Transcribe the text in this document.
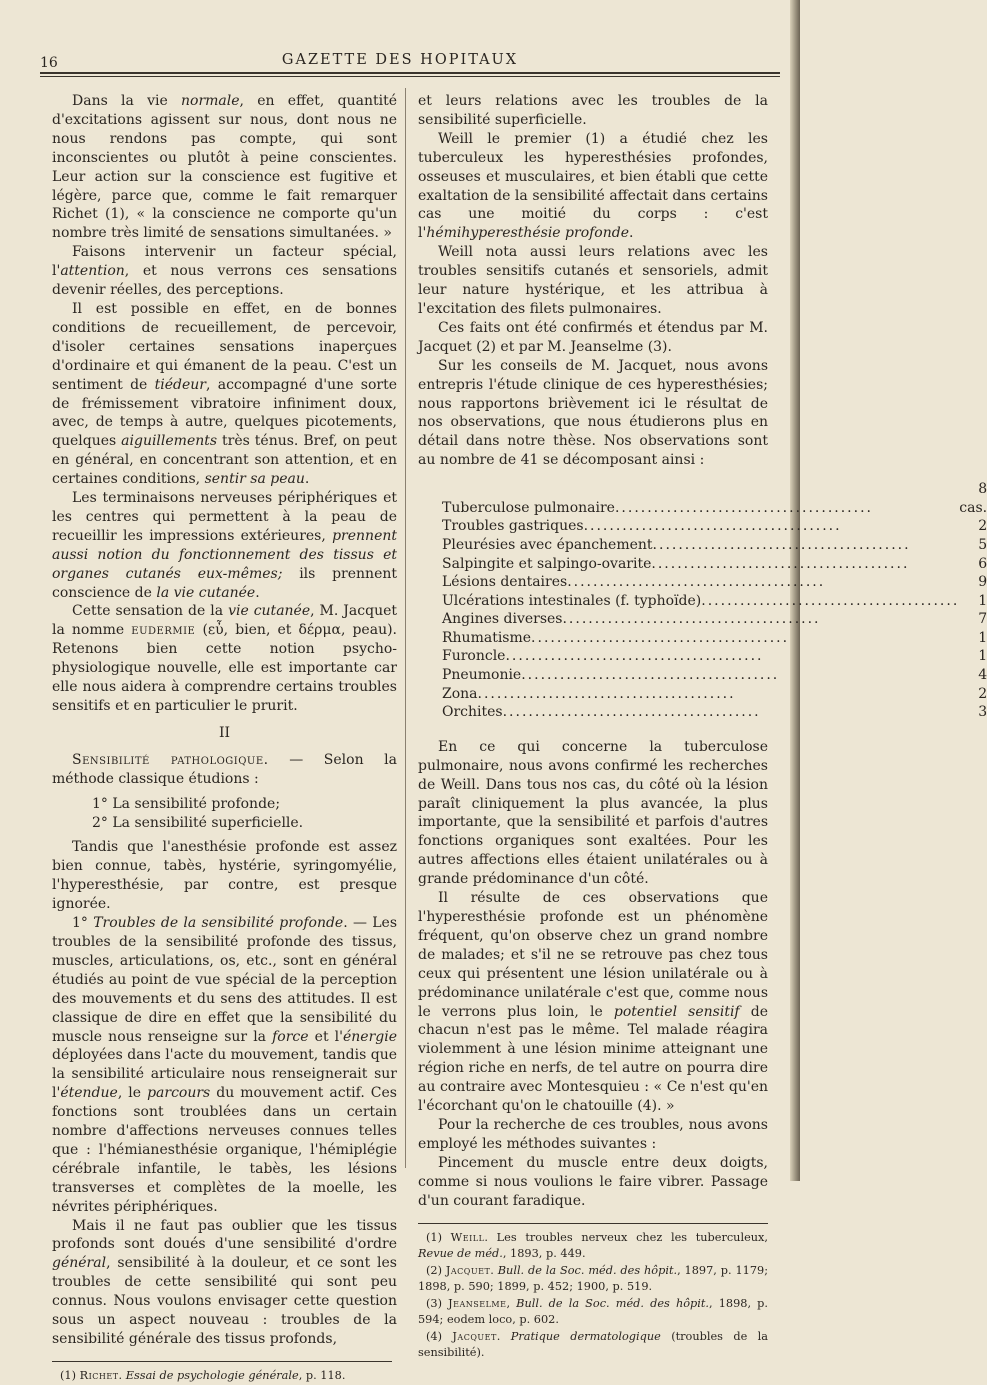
16	GAZETTE DES HOPITAUX

Dans la vie normale, en effet, quantité d'excitations agissent sur nous, dont nous ne nous rendons pas compte, qui sont inconscientes ou plutôt à peine conscientes. Leur action sur la conscience est fugitive et légère, parce que, comme le fait remarquer Richet (1), « la conscience ne comporte qu'un nombre très limité de sensations simultanées. »

Faisons intervenir un facteur spécial, l'attention, et nous verrons ces sensations devenir réelles, des perceptions.

Il est possible en effet, en de bonnes conditions de recueillement, de percevoir, d'isoler certaines sensations inaperçues d'ordinaire et qui émanent de la peau. C'est un sentiment de tiédeur, accompagné d'une sorte de frémissement vibratoire infiniment doux, avec, de temps à autre, quelques picotements, quelques aiguillements très ténus. Bref, on peut en général, en concentrant son attention, et en certaines conditions, sentir sa peau.

Les terminaisons nerveuses périphériques et les centres qui permettent à la peau de recueillir les impressions extérieures, prennent aussi notion du fonctionnement des tissus et organes cutanés eux-mêmes; ils prennent conscience de la vie cutanée.

Cette sensation de la vie cutanée, M. Jacquet la nomme eudermie (εὖ, bien, et δέρμα, peau). Retenons bien cette notion psycho-physiologique nouvelle, elle est importante car elle nous aidera à comprendre certains troubles sensitifs et en particulier le prurit.

II

Sensibilité pathologique. — Selon la méthode classique étudions :

1° La sensibilité profonde;
2° La sensibilité superficielle.

Tandis que l'anesthésie profonde est assez bien connue, tabès, hystérie, syringomyélie, l'hyperesthésie, par contre, est presque ignorée.

1° Troubles de la sensibilité profonde. — Les troubles de la sensibilité profonde des tissus, muscles, articulations, os, etc., sont en général étudiés au point de vue spécial de la perception des mouvements et du sens des attitudes. Il est classique de dire en effet que la sensibilité du muscle nous renseigne sur la force et l'énergie déployées dans l'acte du mouvement, tandis que la sensibilité articulaire nous renseignerait sur l'étendue, le parcours du mouvement actif. Ces fonctions sont troublées dans un certain nombre d'affections nerveuses connues telles que : l'hémianesthésie organique, l'hémiplégie cérébrale infantile, le tabès, les lésions transverses et complètes de la moelle, les névrites périphériques.

Mais il ne faut pas oublier que les tissus profonds sont doués d'une sensibilité d'ordre général, sensibilité à la douleur, et ce sont les troubles de cette sensibilité qui sont peu connus. Nous voulons envisager cette question sous un aspect nouveau : troubles de la sensibilité générale des tissus profonds,

(1) Richet. Essai de psychologie générale, p. 118.

et leurs relations avec les troubles de la sensibilité superficielle.

Weill le premier (1) a étudié chez les tuberculeux les hyperesthésies profondes, osseuses et musculaires, et bien établi que cette exaltation de la sensibilité affectait dans certains cas une moitié du corps : c'est l'hémihyperesthésie profonde.

Weill nota aussi leurs relations avec les troubles sensitifs cutanés et sensoriels, admit leur nature hystérique, et les attribua à l'excitation des filets pulmonaires.

Ces faits ont été confirmés et étendus par M. Jacquet (2) et par M. Jeanselme (3).

Sur les conseils de M. Jacquet, nous avons entrepris l'étude clinique de ces hyperesthésies; nous rapportons brièvement ici le résultat de nos observations, que nous étudierons plus en détail dans notre thèse. Nos observations sont au nombre de 41 se décomposant ainsi :

Tuberculose pulmonaire........................................	8 cas.
Troubles gastriques........................................	2
Pleurésies avec épanchement........................................	5
Salpingite et salpingo-ovarite........................................	6
Lésions dentaires........................................	9
Ulcérations intestinales (f. typhoïde)........................................	1
Angines diverses........................................	7
Rhumatisme........................................	1
Furoncle........................................	1
Pneumonie........................................	4
Zona........................................	2
Orchites........................................	3

En ce qui concerne la tuberculose pulmonaire, nous avons confirmé les recherches de Weill. Dans tous nos cas, du côté où la lésion paraît cliniquement la plus avancée, la plus importante, que la sensibilité et parfois d'autres fonctions organiques sont exaltées. Pour les autres affections elles étaient unilatérales ou à grande prédominance d'un côté.

Il résulte de ces observations que l'hyperesthésie profonde est un phénomène fréquent, qu'on observe chez un grand nombre de malades; et s'il ne se retrouve pas chez tous ceux qui présentent une lésion unilatérale ou à prédominance unilatérale c'est que, comme nous le verrons plus loin, le potentiel sensitif de chacun n'est pas le même. Tel malade réagira violemment à une lésion minime atteignant une région riche en nerfs, de tel autre on pourra dire au contraire avec Montesquieu : « Ce n'est qu'en l'écorchant qu'on le chatouille (4). »

Pour la recherche de ces troubles, nous avons employé les méthodes suivantes :

Pincement du muscle entre deux doigts, comme si nous voulions le faire vibrer. Passage d'un courant faradique.

(1) Weill. Les troubles nerveux chez les tuberculeux, Revue de méd., 1893, p. 449.
(2) Jacquet. Bull. de la Soc. méd. des hôpit., 1897, p. 1179; 1898, p. 590; 1899, p. 452; 1900, p. 519.
(3) Jeanselme, Bull. de la Soc. méd. des hôpit., 1898, p. 594; eodem loco, p. 602.
(4) Jacquet. Pratique dermatologique (troubles de la sensibilité).
